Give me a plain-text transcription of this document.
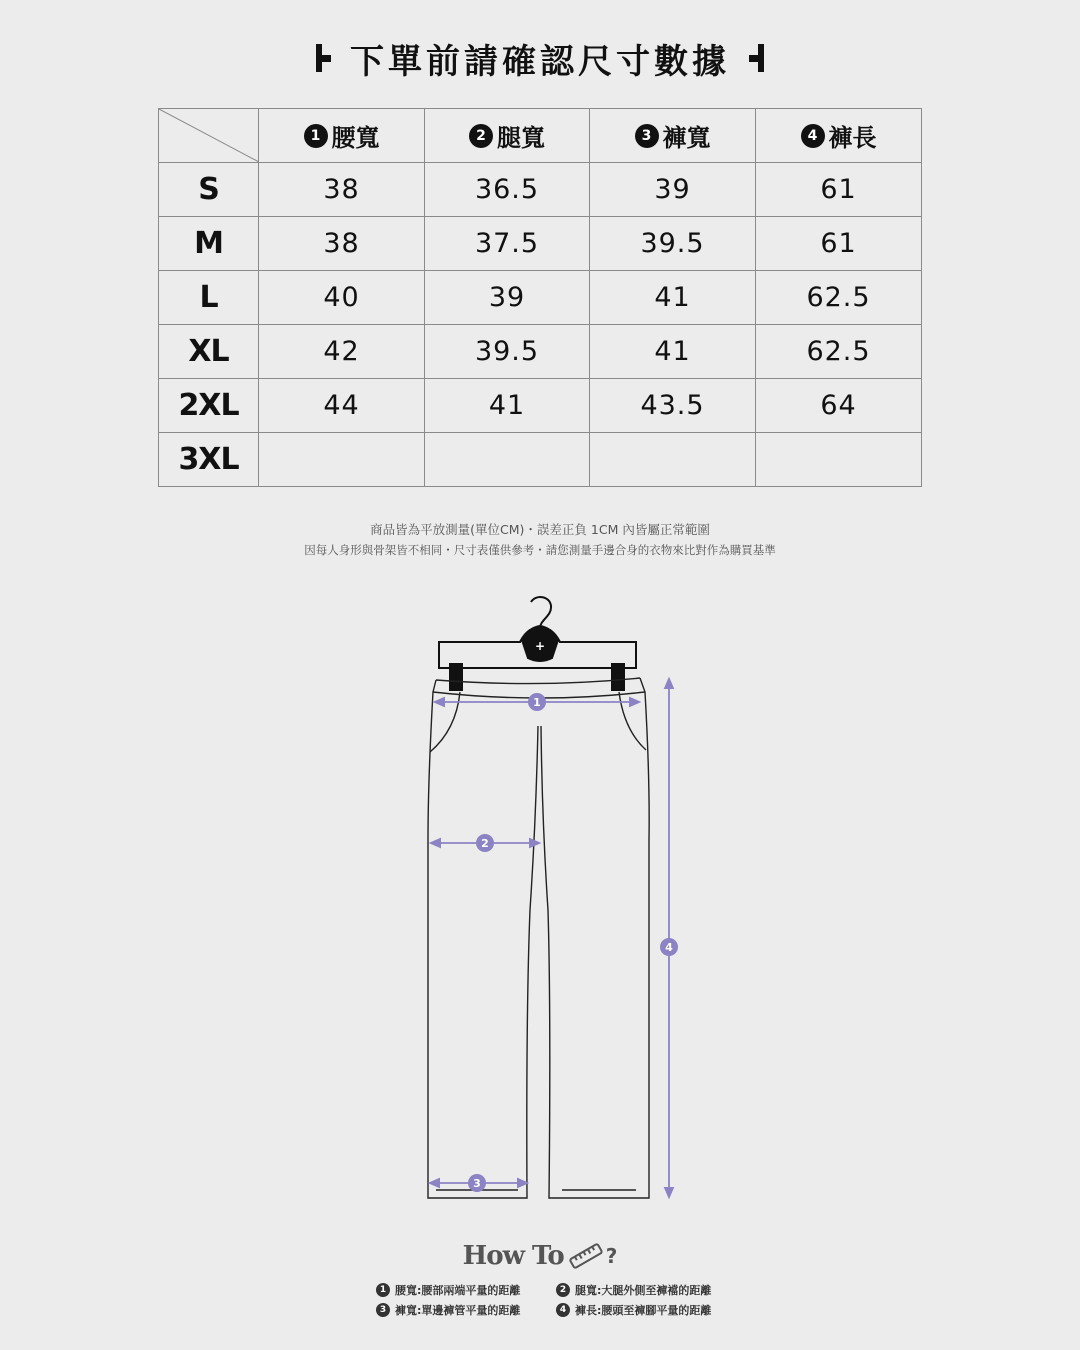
下單前請確認尺寸數據
	1 腰寬	2 腿寬	3 褲寬	4 褲長
S	38	36.5	39	61
M	38	37.5	39.5	61
L	40	39	41	62.5
XL	42	39.5	41	62.5
2XL	44	41	43.5	64
3XL				
商品皆為平放測量(單位CM)・誤差正負 1CM 內皆屬正常範圍
因每人身形與骨架皆不相同・尺寸表僅供參考・請您測量手邊合身的衣物來比對作為購買基準
+
1
2
3
4
How To ?
1 腰寬:腰部兩端平量的距離	2 腿寬:大腿外側至褲襠的距離
3 褲寬:單邊褲管平量的距離	4 褲長:腰頭至褲腳平量的距離
